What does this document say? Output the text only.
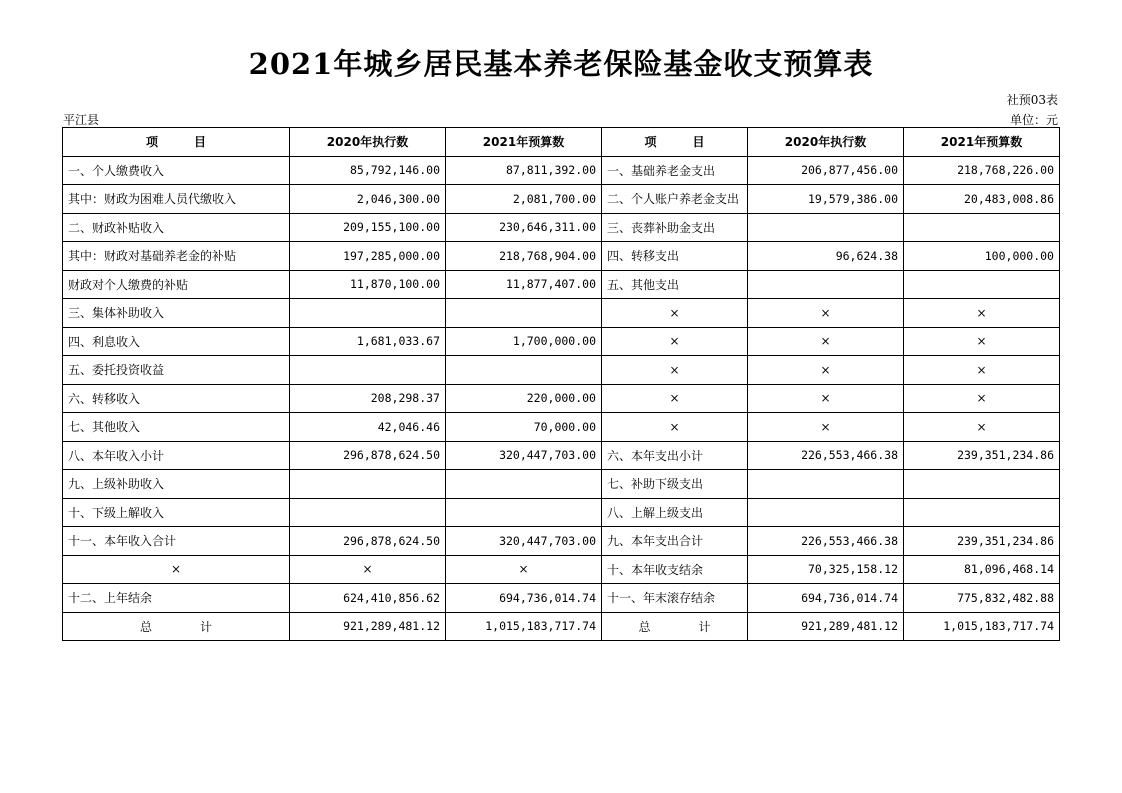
2021年城乡居民基本养老保险基金收支预算表
社预03表
平江县	单位：元
项　　　目	2020年执行数	2021年预算数	项　　　目	2020年执行数	2021年预算数
一、个人缴费收入	85,792,146.00	87,811,392.00	一、基础养老金支出	206,877,456.00	218,768,226.00
其中：财政为困难人员代缴收入	2,046,300.00	2,081,700.00	二、个人账户养老金支出	19,579,386.00	20,483,008.86
二、财政补贴收入	209,155,100.00	230,646,311.00	三、丧葬补助金支出		
其中：财政对基础养老金的补贴	197,285,000.00	218,768,904.00	四、转移支出	96,624.38	100,000.00
财政对个人缴费的补贴	11,870,100.00	11,877,407.00	五、其他支出		
三、集体补助收入			×	×	×
四、利息收入	1,681,033.67	1,700,000.00	×	×	×
五、委托投资收益			×	×	×
六、转移收入	208,298.37	220,000.00	×	×	×
七、其他收入	42,046.46	70,000.00	×	×	×
八、本年收入小计	296,878,624.50	320,447,703.00	六、本年支出小计	226,553,466.38	239,351,234.86
九、上级补助收入			七、补助下级支出		
十、下级上解收入			八、上解上级支出		
十一、本年收入合计	296,878,624.50	320,447,703.00	九、本年支出合计	226,553,466.38	239,351,234.86
×	×	×	十、本年收支结余	70,325,158.12	81,096,468.14
十二、上年结余	624,410,856.62	694,736,014.74	十一、年末滚存结余	694,736,014.74	775,832,482.88
总　　　　计	921,289,481.12	1,015,183,717.74	总　　　　计	921,289,481.12	1,015,183,717.74
